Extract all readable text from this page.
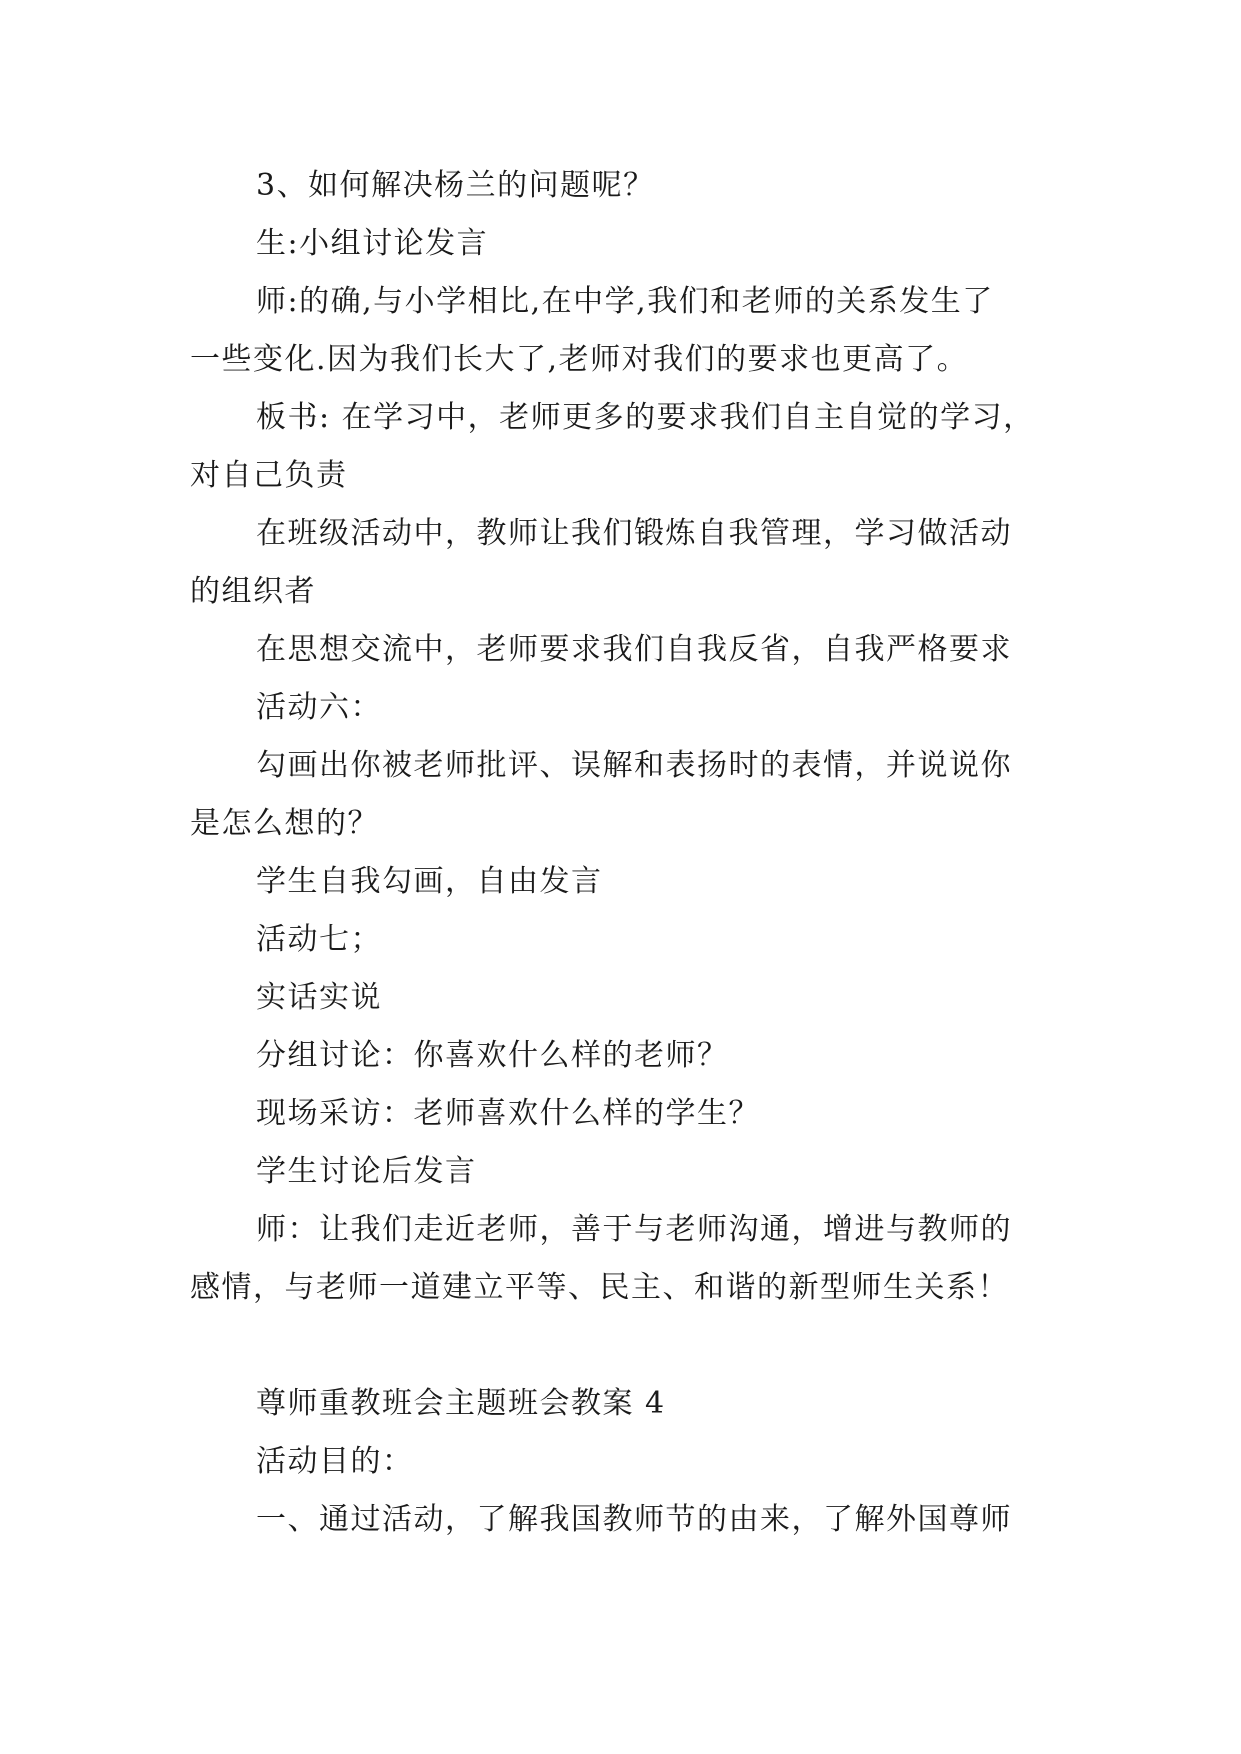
3、如何解决杨兰的问题呢？
生:小组讨论发言
师:的确,与小学相比,在中学,我们和老师的关系发生了
一些变化.因为我们长大了,老师对我们的要求也更高了。
板书: 在学习中，老师更多的要求我们自主自觉的学习，
对自己负责
在班级活动中，教师让我们锻炼自我管理，学习做活动
的组织者
在思想交流中，老师要求我们自我反省，自我严格要求
活动六：
勾画出你被老师批评、误解和表扬时的表情，并说说你
是怎么想的？
学生自我勾画，自由发言
活动七；
实话实说
分组讨论：你喜欢什么样的老师？
现场采访：老师喜欢什么样的学生？
学生讨论后发言
师：让我们走近老师，善于与老师沟通，增进与教师的
感情，与老师一道建立平等、民主、和谐的新型师生关系！
尊师重教班会主题班会教案 4
活动目的：
一、通过活动，了解我国教师节的由来，了解外国尊师
